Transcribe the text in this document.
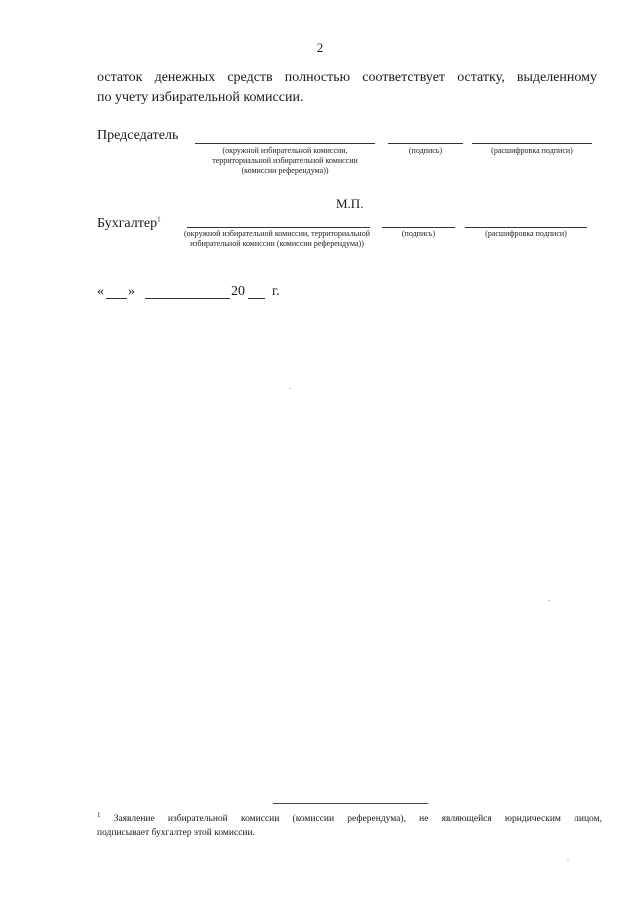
2
остаток денежных средств полностью соответствует остатку, выделенному
по учету избирательной комиссии.
Председатель
(окружной избирательной комиссии, территориальной избирательной комиссии (комиссии референдума))
(подпись)	(расшифровка подписи)
М.П.
Бухгалтер$^1$
(окружной избирательной комиссии, территориальной избирательной комиссии (комиссии референдума))
(подпись)	(расшифровка подписи)
« »	20 г.
$^1$ Заявление избирательной комиссии (комиссии референдума), не являющейся юридическим лицом,
подписывает бухгалтер этой комиссии.
